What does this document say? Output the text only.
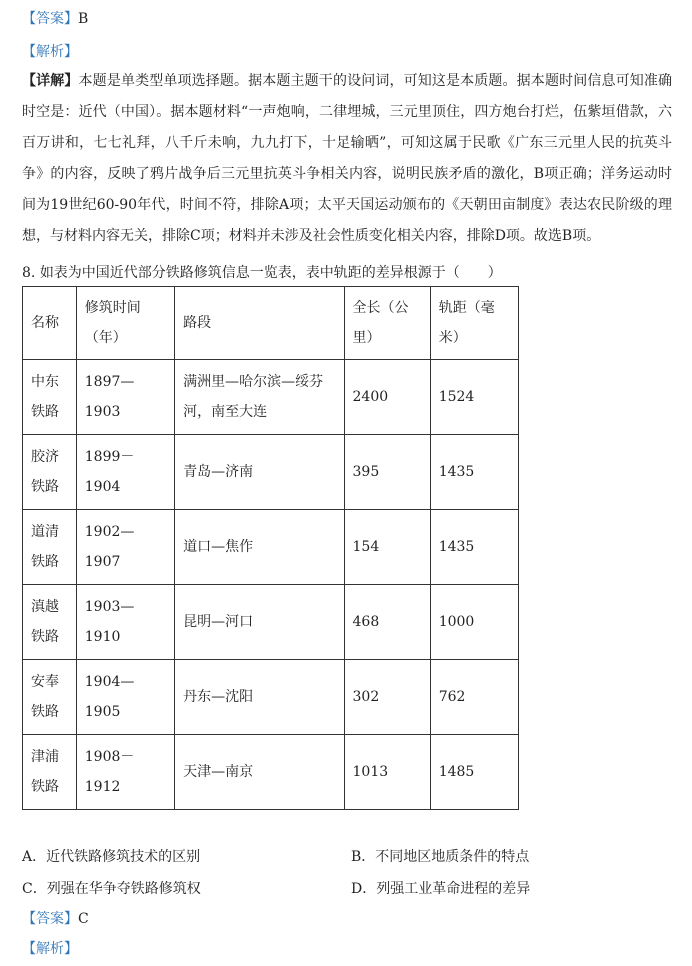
【答案】B
【解析】
【详解】本题是单类型单项选择题。据本题主题干的设问词，可知这是本质题。据本题时间信息可知准确时空是：近代（中国）。据本题材料“一声炮响，二律埋城，三元里顶住，四方炮台打烂，伍紫垣借款，六百万讲和，七七礼拜，八千斤未响，九九打下，十足输晒”，可知这属于民歌《广东三元里人民的抗英斗争》的内容，反映了鸦片战争后三元里抗英斗争相关内容，说明民族矛盾的激化，B项正确；洋务运动时间为19世纪60-90年代，时间不符，排除A项；太平天国运动颁布的《天朝田亩制度》表达农民阶级的理想，与材料内容无关，排除C项；材料并未涉及社会性质变化相关内容，排除D项。故选B项。
8. 如表为中国近代部分铁路修筑信息一览表，表中轨距的差异根源于（　　）
名称	修筑时间（年）	路段	全长（公里）	轨距（毫米）
中东铁路	1897—1903	满洲里—哈尔滨—绥芬河，南至大连	2400	1524
胶济铁路	1899－1904	青岛—济南	395	1435
道清铁路	1902—1907	道口—焦作	154	1435
滇越铁路	1903—1910	昆明—河口	468	1000
安奉铁路	1904—1905	丹东—沈阳	302	762
津浦铁路	1908－1912	天津—南京	1013	1485
A．近代铁路修筑技术的区别	B．不同地区地质条件的特点
C．列强在华争夺铁路修筑权	D．列强工业革命进程的差异
【答案】C
【解析】
